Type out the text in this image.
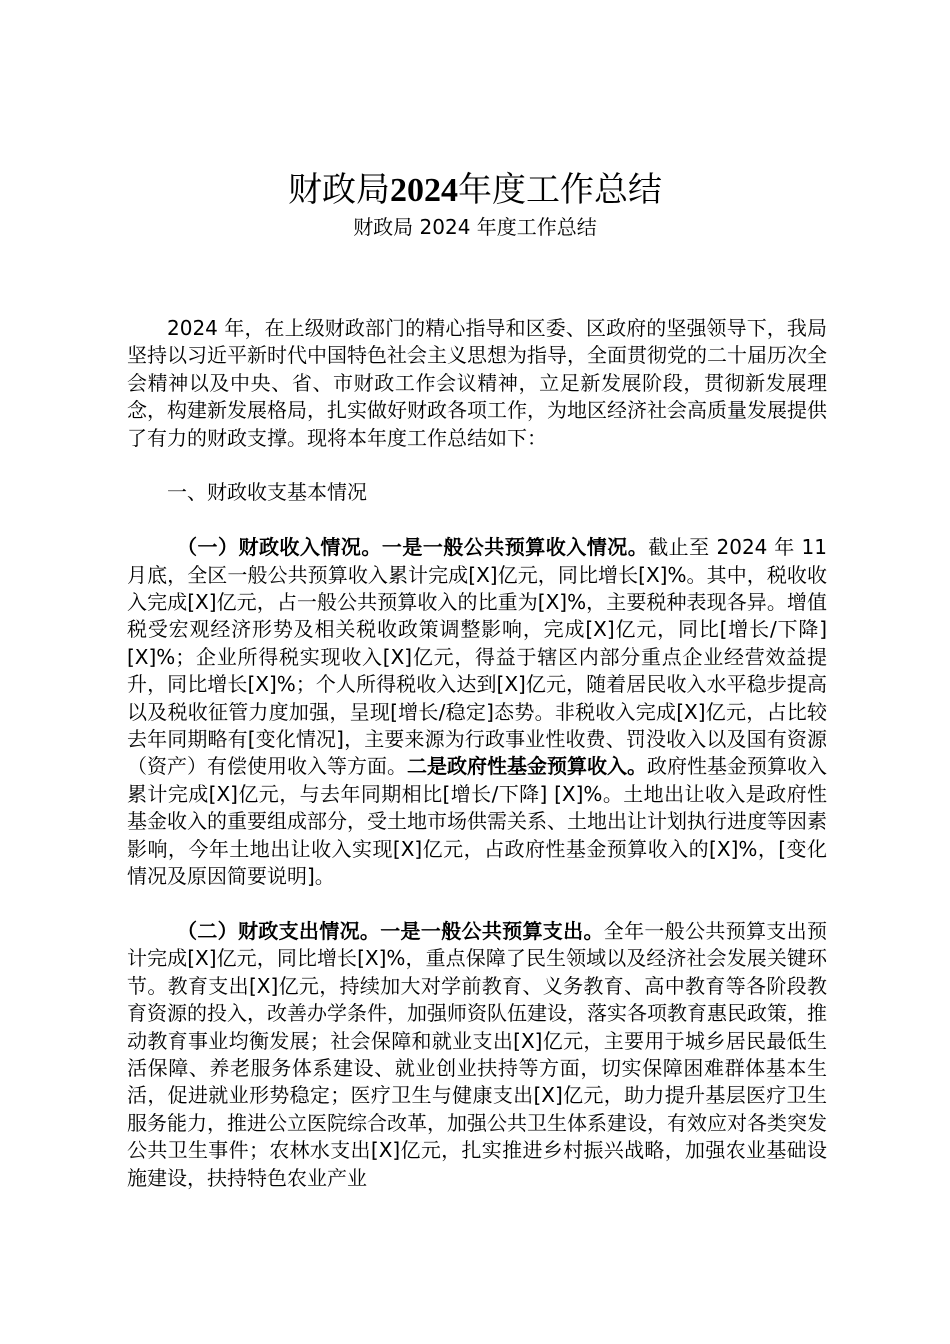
财政局2024年度工作总结
财政局 2024 年度工作总结

2024 年，在上级财政部门的精心指导和区委、区政府的坚强领导下，我局坚持以习近平新时代中国特色社会主义思想为指导，全面贯彻党的二十届历次全会精神以及中央、省、市财政工作会议精神，立足新发展阶段，贯彻新发展理念，构建新发展格局，扎实做好财政各项工作，为地区经济社会高质量发展提供了有力的财政支撑。现将本年度工作总结如下：

一、财政收支基本情况

（一）财政收入情况。一是一般公共预算收入情况。截止至 2024 年 11 月底，全区一般公共预算收入累计完成[X]亿元，同比增长[X]%。其中，税收收入完成[X]亿元，占一般公共预算收入的比重为[X]%，主要税种表现各异。增值税受宏观经济形势及相关税收政策调整影响，完成[X]亿元，同比[增长/下降] [X]%；企业所得税实现收入[X]亿元，得益于辖区内部分重点企业经营效益提升，同比增长[X]%；个人所得税收入达到[X]亿元，随着居民收入水平稳步提高以及税收征管力度加强，呈现[增长/稳定]态势。非税收入完成[X]亿元，占比较去年同期略有[变化情况]，主要来源为行政事业性收费、罚没收入以及国有资源（资产）有偿使用收入等方面。二是政府性基金预算收入。政府性基金预算收入累计完成[X]亿元，与去年同期相比[增长/下降] [X]%。土地出让收入是政府性基金收入的重要组成部分，受土地市场供需关系、土地出让计划执行进度等因素影响，今年土地出让收入实现[X]亿元，占政府性基金预算收入的[X]%，[变化情况及原因简要说明]。

（二）财政支出情况。一是一般公共预算支出。全年一般公共预算支出预计完成[X]亿元，同比增长[X]%，重点保障了民生领域以及经济社会发展关键环节。教育支出[X]亿元，持续加大对学前教育、义务教育、高中教育等各阶段教育资源的投入，改善办学条件，加强师资队伍建设，落实各项教育惠民政策，推动教育事业均衡发展；社会保障和就业支出[X]亿元，主要用于城乡居民最低生活保障、养老服务体系建设、就业创业扶持等方面，切实保障困难群体基本生活，促进就业形势稳定；医疗卫生与健康支出[X]亿元，助力提升基层医疗卫生服务能力，推进公立医院综合改革，加强公共卫生体系建设，有效应对各类突发公共卫生事件；农林水支出[X]亿元，扎实推进乡村振兴战略，加强农业基础设施建设，扶持特色农业产业
